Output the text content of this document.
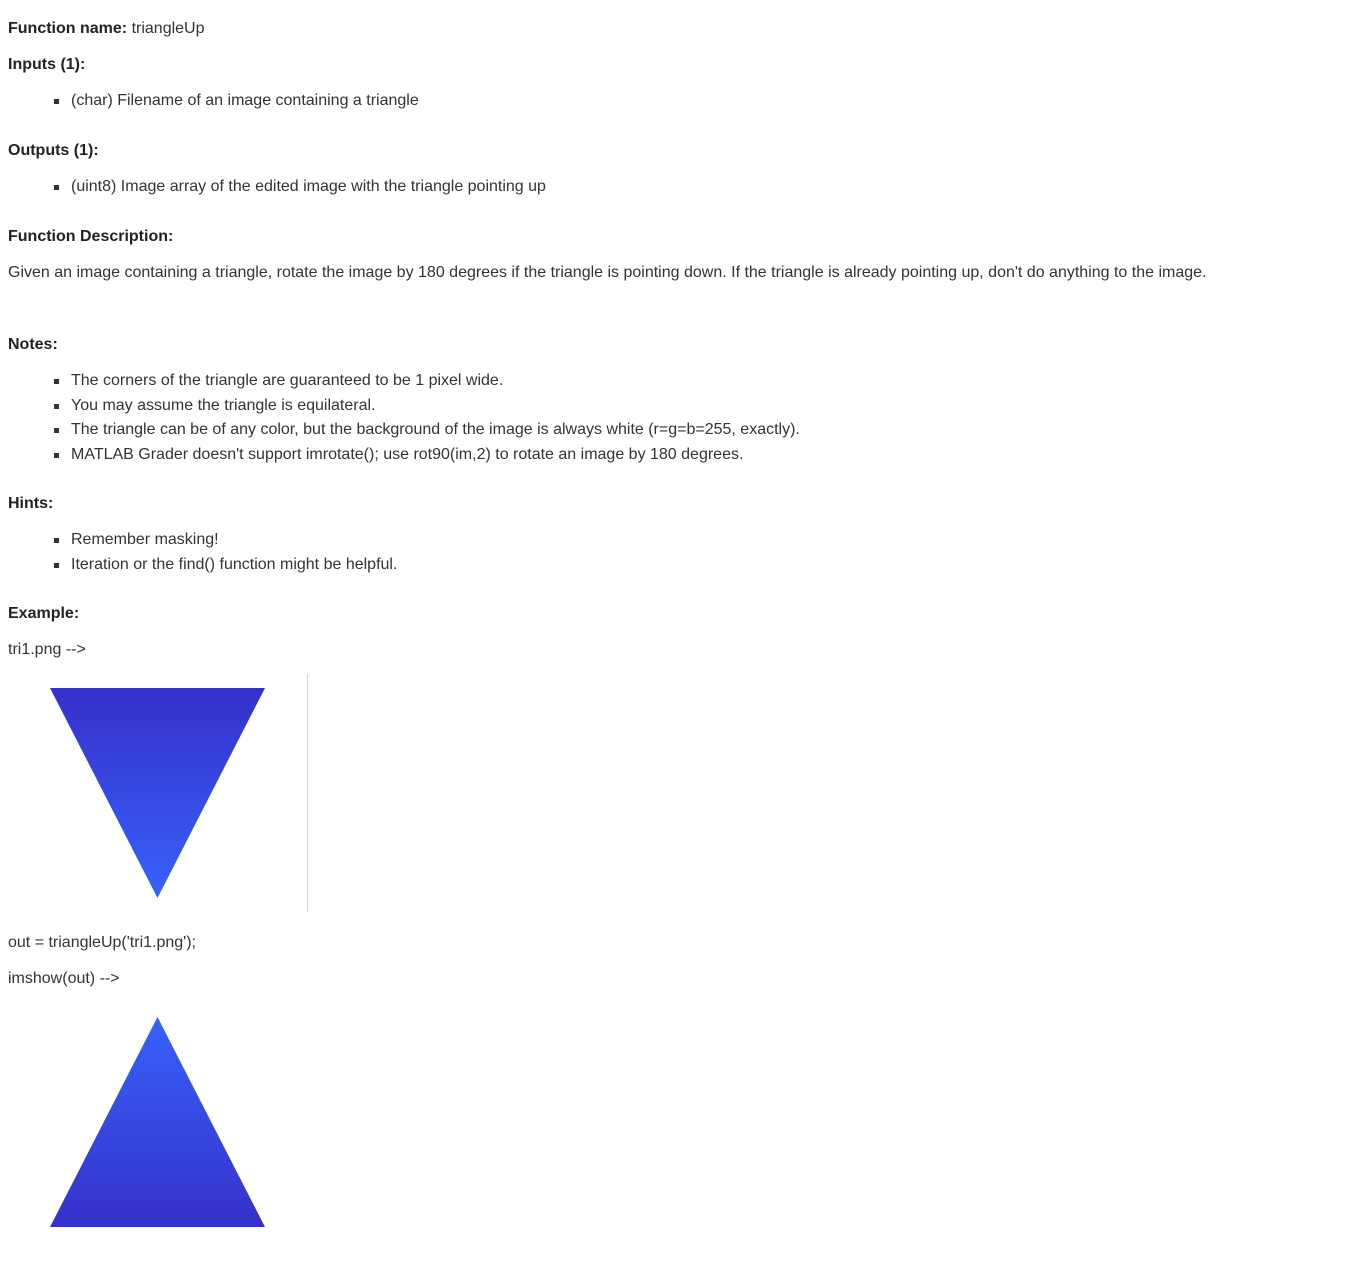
Function name: triangleUp
Inputs (1):
(char) Filename of an image containing a triangle
Outputs (1):
(uint8) Image array of the edited image with the triangle pointing up
Function Description:
Given an image containing a triangle, rotate the image by 180 degrees if the triangle is pointing down. If the triangle is already pointing up, don't do anything to the image.
Notes:
The corners of the triangle are guaranteed to be 1 pixel wide.
You may assume the triangle is equilateral.
The triangle can be of any color, but the background of the image is always white (r=g=b=255, exactly).
MATLAB Grader doesn't support imrotate(); use rot90(im,2) to rotate an image by 180 degrees.
Hints:
Remember masking!
Iteration or the find() function might be helpful.
Example:
tri1.png -->
out = triangleUp('tri1.png');
imshow(out) -->
